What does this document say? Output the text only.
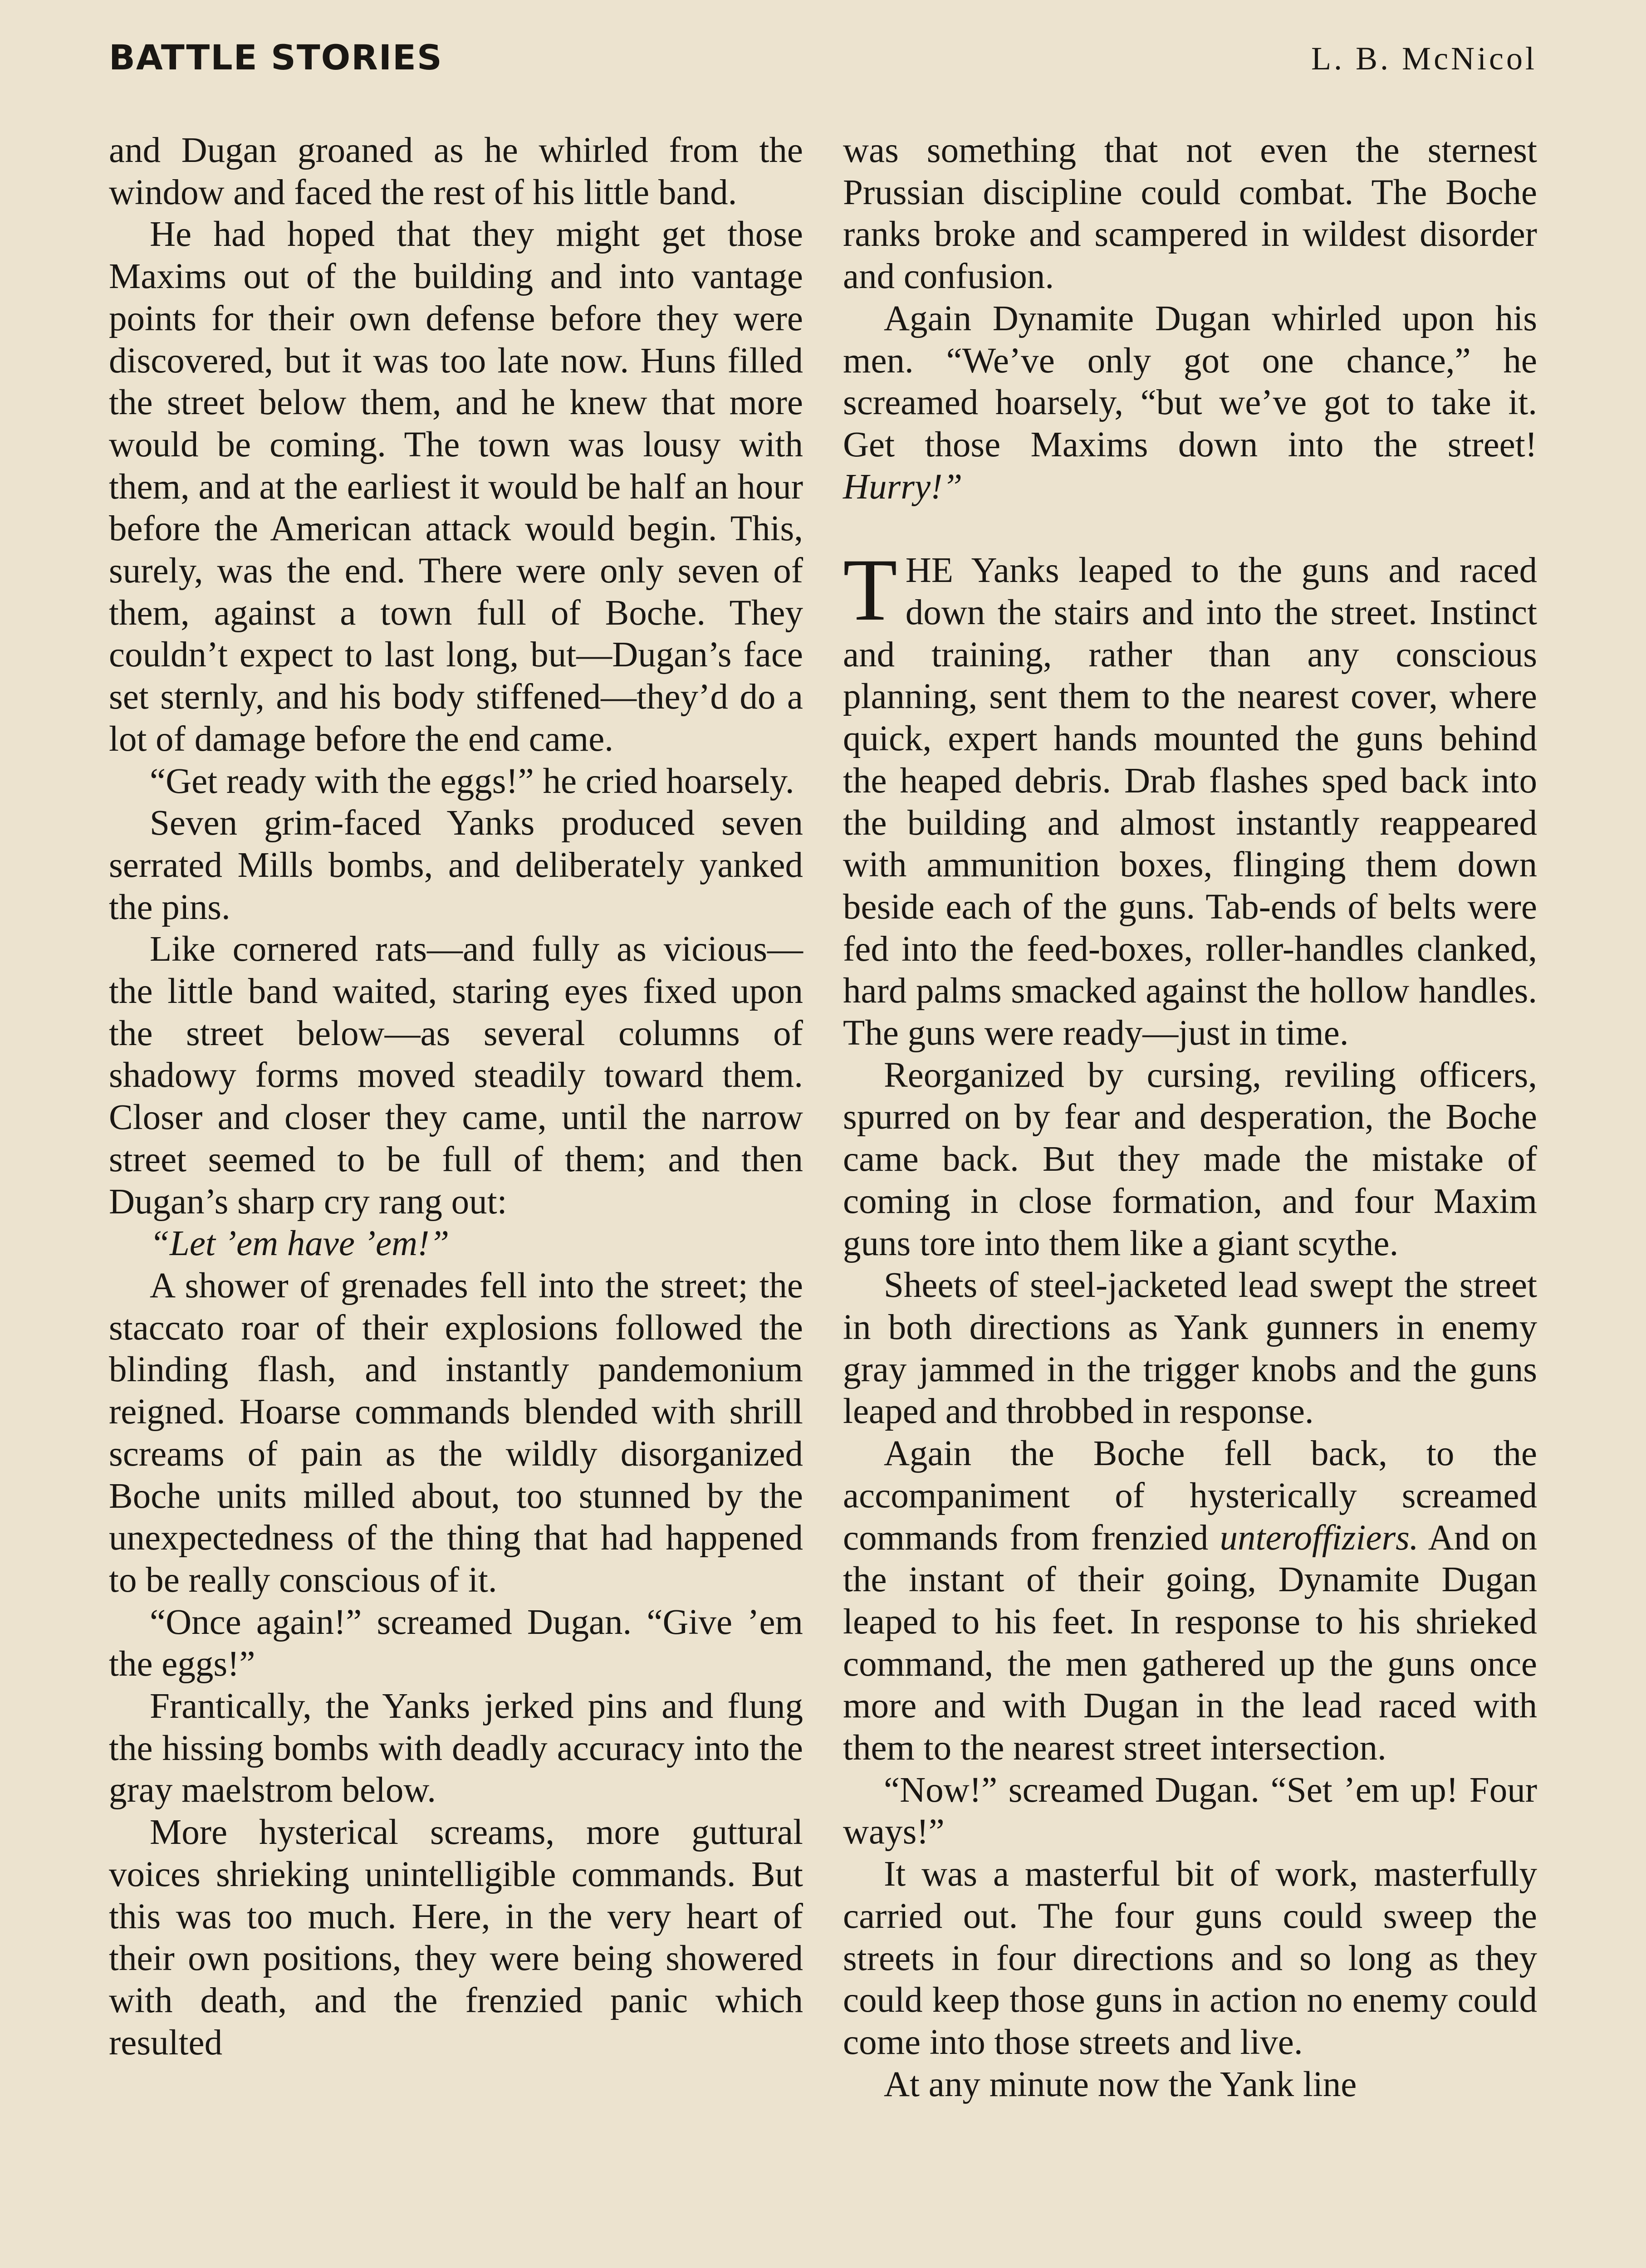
BATTLE STORIES	L. B. McNicol

and Dugan groaned as he whirled from the window and faced the rest of his little band.

He had hoped that they might get those Maxims out of the building and into vantage points for their own defense before they were discovered, but it was too late now. Huns filled the street below them, and he knew that more would be coming. The town was lousy with them, and at the earliest it would be half an hour before the American attack would begin. This, surely, was the end. There were only seven of them, against a town full of Boche. They couldn’t expect to last long, but—Dugan’s face set sternly, and his body stiffened—they’d do a lot of damage before the end came.

“Get ready with the eggs!” he cried hoarsely.

Seven grim-faced Yanks produced seven serrated Mills bombs, and deliberately yanked the pins.

Like cornered rats—and fully as vicious—the little band waited, staring eyes fixed upon the street below—as several columns of shadowy forms moved steadily toward them. Closer and closer they came, until the narrow street seemed to be full of them; and then Dugan’s sharp cry rang out:

“Let ’em have ’em!”

A shower of grenades fell into the street; the staccato roar of their explosions followed the blinding flash, and instantly pandemonium reigned. Hoarse commands blended with shrill screams of pain as the wildly disorganized Boche units milled about, too stunned by the unexpectedness of the thing that had happened to be really conscious of it.

“Once again!” screamed Dugan. “Give ’em the eggs!”

Frantically, the Yanks jerked pins and flung the hissing bombs with deadly accuracy into the gray maelstrom below.

More hysterical screams, more guttural voices shrieking unintelligible commands. But this was too much. Here, in the very heart of their own positions, they were being showered with death, and the frenzied panic which resulted

was something that not even the sternest Prussian discipline could combat. The Boche ranks broke and scampered in wildest disorder and confusion.

Again Dynamite Dugan whirled upon his men. “We’ve only got one chance,” he screamed hoarsely, “but we’ve got to take it. Get those Maxims down into the street! Hurry!”

THE Yanks leaped to the guns and raced down the stairs and into the street. Instinct and training, rather than any conscious planning, sent them to the nearest cover, where quick, expert hands mounted the guns behind the heaped debris. Drab flashes sped back into the building and almost instantly reappeared with ammunition boxes, flinging them down beside each of the guns. Tab-ends of belts were fed into the feed-boxes, roller-handles clanked, hard palms smacked against the hollow handles. The guns were ready—just in time.

Reorganized by cursing, reviling officers, spurred on by fear and desperation, the Boche came back. But they made the mistake of coming in close formation, and four Maxim guns tore into them like a giant scythe.

Sheets of steel-jacketed lead swept the street in both directions as Yank gunners in enemy gray jammed in the trigger knobs and the guns leaped and throbbed in response.

Again the Boche fell back, to the accompaniment of hysterically screamed commands from frenzied unteroffiziers. And on the instant of their going, Dynamite Dugan leaped to his feet. In response to his shrieked command, the men gathered up the guns once more and with Dugan in the lead raced with them to the nearest street intersection.

“Now!” screamed Dugan. “Set ’em up! Four ways!”

It was a masterful bit of work, masterfully carried out. The four guns could sweep the streets in four directions and so long as they could keep those guns in action no enemy could come into those streets and live.

At any minute now the Yank line
